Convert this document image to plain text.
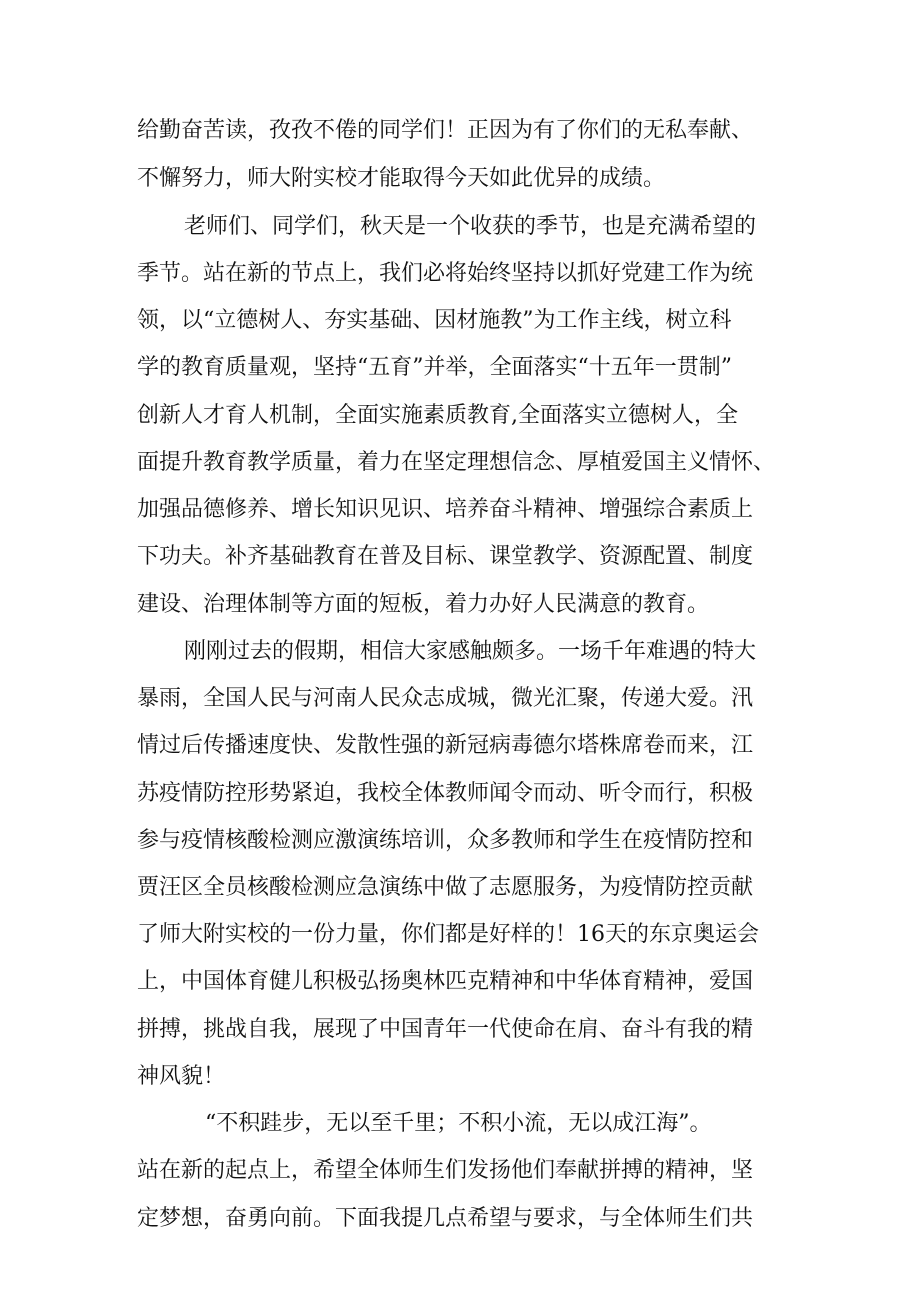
给勤奋苦读，孜孜不倦的同学们！正因为有了你们的无私奉献、
不懈努力，师大附实校才能取得今天如此优异的成绩。
老师们、同学们，秋天是一个收获的季节，也是充满希望的
季节。站在新的节点上，我们必将始终坚持以抓好党建工作为统
领，以“立德树人、夯实基础、因材施教”为工作主线，树立科
学的教育质量观，坚持“五育”并举，全面落实“十五年一贯制”
创新人才育人机制，全面实施素质教育,全面落实立德树人，全
面提升教育教学质量，着力在坚定理想信念、厚植爱国主义情怀、
加强品德修养、增长知识见识、培养奋斗精神、增强综合素质上
下功夫。补齐基础教育在普及目标、课堂教学、资源配置、制度
建设、治理体制等方面的短板，着力办好人民满意的教育。
刚刚过去的假期，相信大家感触颇多。一场千年难遇的特大
暴雨，全国人民与河南人民众志成城，微光汇聚，传递大爱。汛
情过后传播速度快、发散性强的新冠病毒德尔塔株席卷而来，江
苏疫情防控形势紧迫，我校全体教师闻令而动、听令而行，积极
参与疫情核酸检测应激演练培训，众多教师和学生在疫情防控和
贾汪区全员核酸检测应急演练中做了志愿服务，为疫情防控贡献
了师大附实校的一份力量，你们都是好样的！16天的东京奥运会
上，中国体育健儿积极弘扬奥林匹克精神和中华体育精神，爱国
拼搏，挑战自我，展现了中国青年一代使命在肩、奋斗有我的精
神风貌！
“不积跬步，无以至千里；不积小流，无以成江海”。
站在新的起点上，希望全体师生们发扬他们奉献拼搏的精神，坚
定梦想，奋勇向前。下面我提几点希望与要求，与全体师生们共
